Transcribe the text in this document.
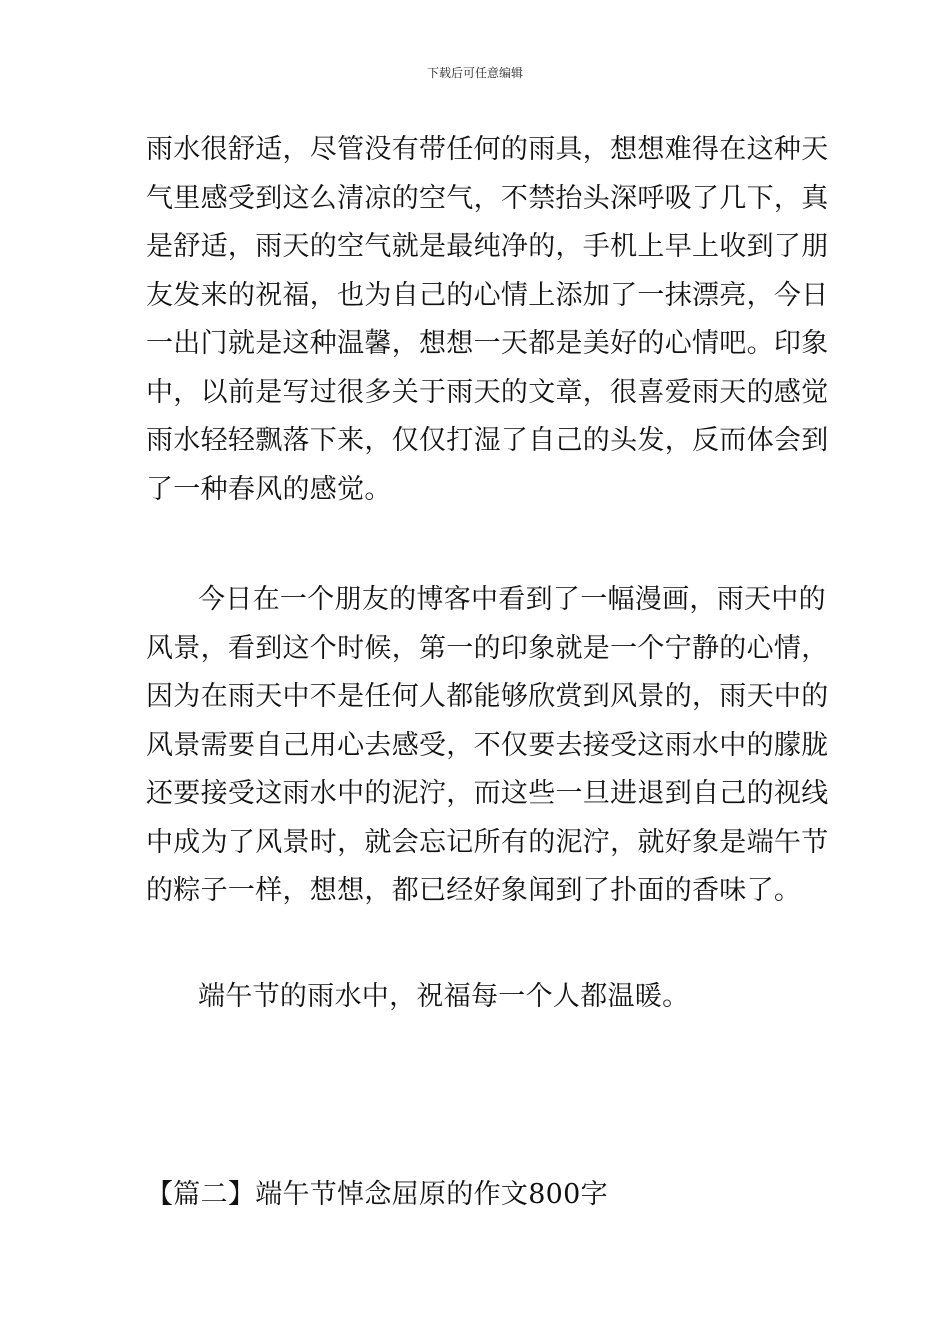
下载后可任意编辑
雨水很舒适，尽管没有带任何的雨具，想想难得在这种天
气里感受到这么清凉的空气，不禁抬头深呼吸了几下，真
是舒适，雨天的空气就是最纯净的，手机上早上收到了朋
友发来的祝福，也为自己的心情上添加了一抹漂亮，今日
一出门就是这种温馨，想想一天都是美好的心情吧。印象
中，以前是写过很多关于雨天的文章，很喜爱雨天的感觉
雨水轻轻飘落下来，仅仅打湿了自己的头发，反而体会到
了一种春风的感觉。
今日在一个朋友的博客中看到了一幅漫画，雨天中的
风景，看到这个时候，第一的印象就是一个宁静的心情，
因为在雨天中不是任何人都能够欣赏到风景的，雨天中的
风景需要自己用心去感受，不仅要去接受这雨水中的朦胧
还要接受这雨水中的泥泞，而这些一旦进退到自己的视线
中成为了风景时，就会忘记所有的泥泞，就好象是端午节
的粽子一样，想想，都已经好象闻到了扑面的香味了。
端午节的雨水中，祝福每一个人都温暖。
【篇二】端午节悼念屈原的作文800字
